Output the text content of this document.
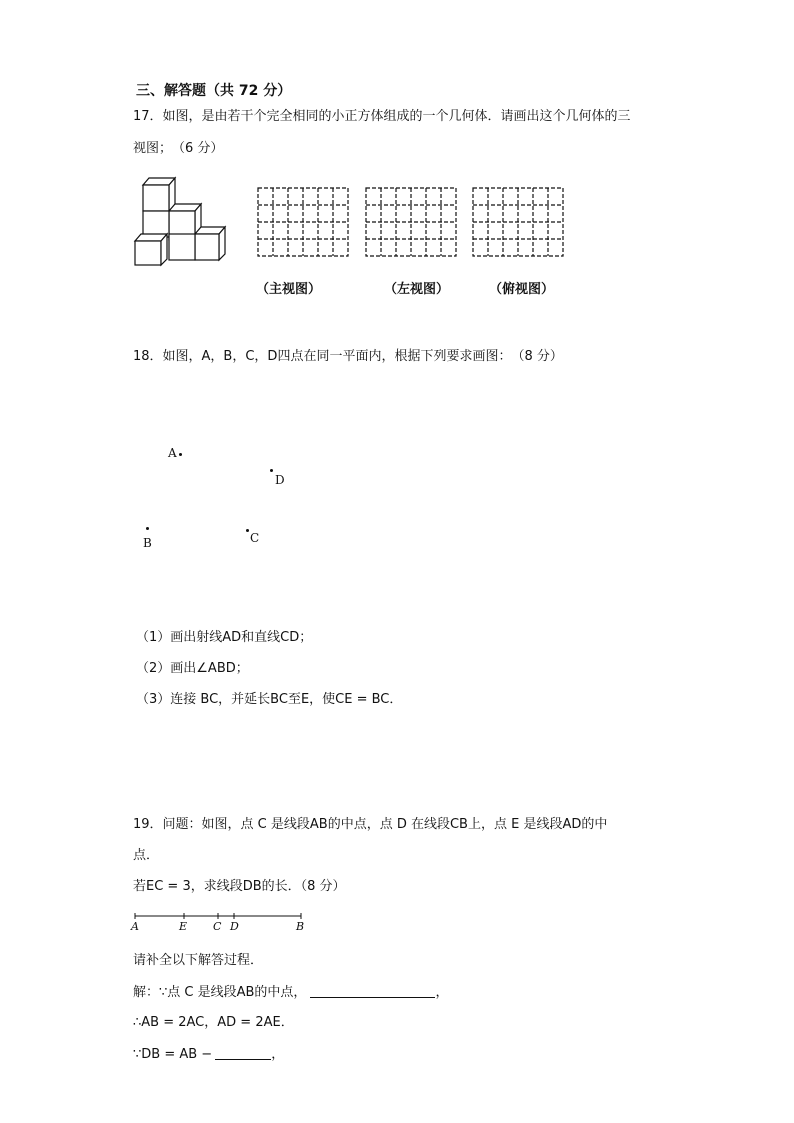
三、解答题（共 72 分）
17．如图，是由若干个完全相同的小正方体组成的一个几何体．请画出这个几何体的三
视图；　（6 分）
（主视图）	（左视图）	（俯视图）
18．如图，A，B，C，D四点在同一平面内，根据下列要求画图：　（8 分）
A
D
B	C
（1）画出射线AD和直线CD；
（2）画出∠ABD；
（3）连接 BC，并延长BC至E，使CE = BC．
19．问题：如图，点 C 是线段AB的中点，点 D 在线段CB上，点 E 是线段AD的中
点．
若EC = 3，求线段DB的长．（8 分）
A	E C D	B
请补全以下解答过程．
解：∵点 C 是线段AB的中点，	，
∴AB = 2AC，AD = 2AE．
∵DB = AB −	，
